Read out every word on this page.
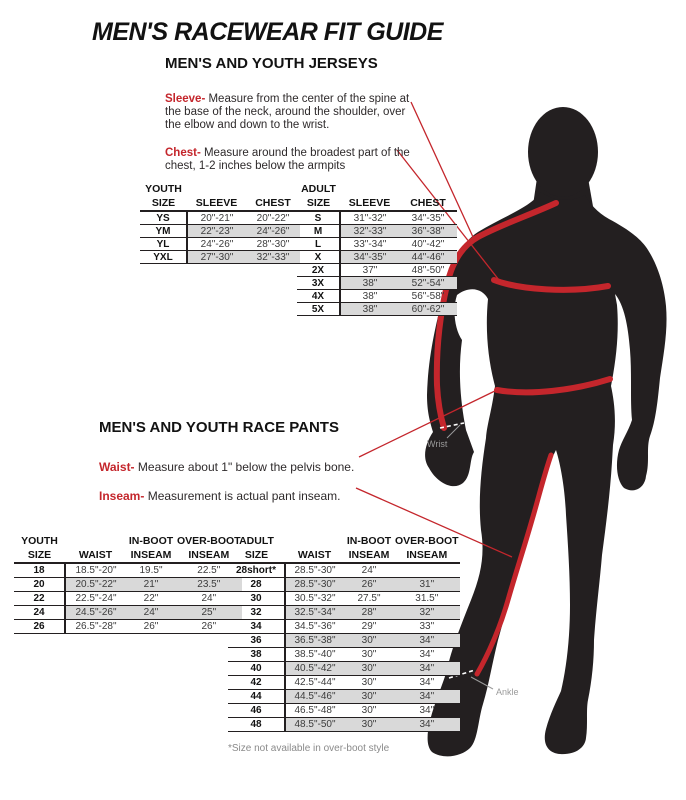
MEN'S RACEWEAR FIT GUIDE
MEN'S AND YOUTH JERSEYS

Sleeve- Measure from the center of the spine at the base of the neck, around the shoulder, over the elbow and down to the wrist.

Chest- Measure around the broadest part of the chest, 1-2 inches below the armpits

YOUTH		
SIZE	SLEEVE	CHEST
YS	20"-21"	20"-22"
YM	22"-23"	24"-26"
YL	24"-26"	28"-30"
YXL	27"-30"	32"-33"
ADULT		
SIZE	SLEEVE	CHEST
S	31"-32"	34"-35"
M	32"-33"	36"-38"
L	33"-34"	40"-42"
X	34"-35"	44"-46"
2X	37"	48"-50"
3X	38"	52"-54"
4X	38"	56"-58"
5X	38"	60"-62"
MEN'S AND YOUTH RACE PANTS

Waist- Measure about 1" below the pelvis bone.

Inseam- Measurement is actual pant inseam.

YOUTH		IN-BOOT	OVER-BOOT
SIZE	WAIST	INSEAM	INSEAM
18	18.5"-20"	19.5"	22.5"
20	20.5"-22"	21"	23.5"
22	22.5"-24"	22"	24"
24	24.5"-26"	24"	25"
26	26.5"-28"	26"	26"
ADULT		IN-BOOT	OVER-BOOT
SIZE	WAIST	INSEAM	INSEAM
28short*	28.5"-30"	24"	
28	28.5"-30"	26"	31"
30	30.5"-32"	27.5"	31.5"
32	32.5"-34"	28"	32"
34	34.5"-36"	29"	33"
36	36.5"-38"	30"	34"
38	38.5"-40"	30"	34"
40	40.5"-42"	30"	34"
42	42.5"-44"	30"	34"
44	44.5"-46"	30"	34"
46	46.5"-48"	30"	34"
48	48.5"-50"	30"	34"
*Size not available in over-boot style
Wrist
Ankle
